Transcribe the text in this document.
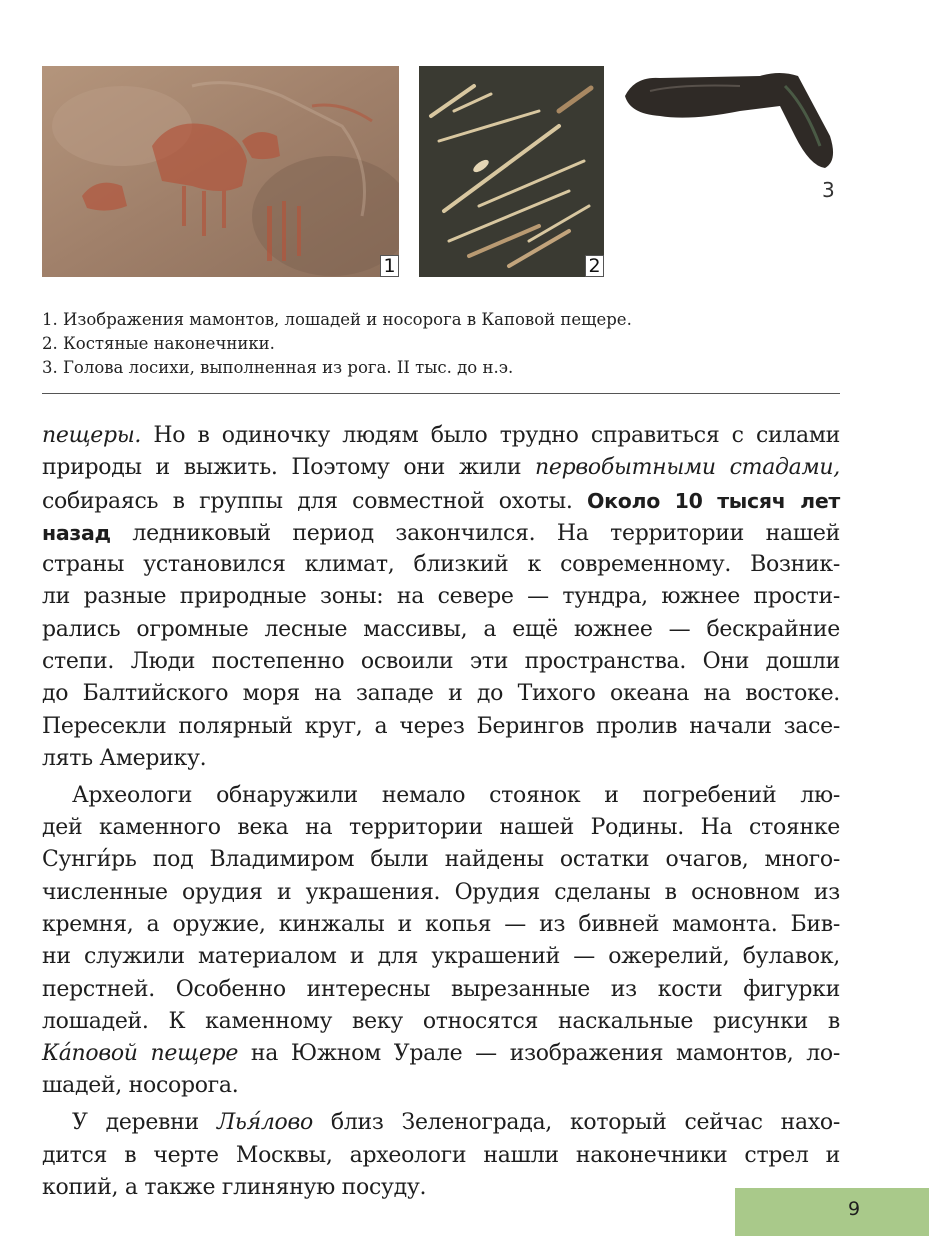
1	2
3
1. Изображения мамонтов, лошадей и носорога в Каповой пещере.
2. Костяные наконечники.
3. Голова лосихи, выполненная из рога. II тыс. до н.э.
пещеры. Но в одиночку людям было трудно справиться с силами
природы и выжить. Поэтому они жили первобытными стадами,
собираясь в группы для совместной охоты. Около 10 тысяч лет
назад ледниковый период закончился. На территории нашей
страны установился климат, близкий к современному. Возник-
ли разные природные зоны: на севере — тундра, южнее прости-
рались огромные лесные массивы, а ещё южнее — бескрайние
степи. Люди постепенно освоили эти пространства. Они дошли
до Балтийского моря на западе и до Тихого океана на востоке.
Пересекли полярный круг, а через Берингов пролив начали засе-
лять Америку.
Археологи обнаружили немало стоянок и погребений лю-
дей каменного века на территории нашей Родины. На стоянке
Сунги́рь под Владимиром были найдены остатки очагов, много-
численные орудия и украшения. Орудия сделаны в основном из
кремня, а оружие, кинжалы и копья — из бивней мамонта. Бив-
ни служили материалом и для украшений — ожерелий, булавок,
перстней. Особенно интересны вырезанные из кости фигурки
лошадей. К каменному веку относятся наскальные рисунки в
Ка́повой пещере на Южном Урале — изображения мамонтов, ло-
шадей, носорога.
У деревни Лья́лово близ Зеленограда, который сейчас нахо-
дится в черте Москвы, археологи нашли наконечники стрел и
копий, а также глиняную посуду.
9
